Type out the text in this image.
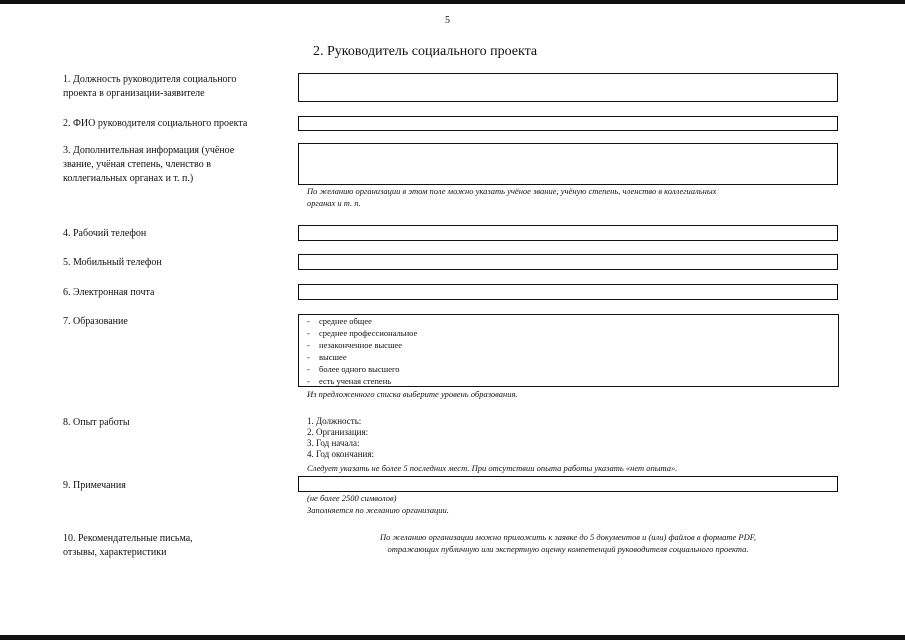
5
2. Руководитель социального проекта
1. Должность руководителя социального
проекта в организации-заявителе
2. ФИО руководителя социального проекта
3. Дополнительная информация (учёное
звание, учёная степень, членство в
коллегиальных органах и т. п.)
По желанию организации в этом поле можно указать учёное звание, учёную степень, членство в коллегиальных
органах и т. п.
4. Рабочий телефон
5. Мобильный телефон
6. Электронная почта
7. Образование	- среднее общее
- среднее профессиональное
- незаконченное высшее
- высшее
- более одного высшего
- есть ученая степень
Из предложенного списка выберите уровень образования.
8. Опыт работы	1. Должность:
2. Организация:
3. Год начала:
4. Год окончания:
Следует указать не более 5 последних мест. При отсутствии опыта работы указать «нет опыта».
9. Примечания
(не более 2500 символов)
Заполняется по желанию организации.
10. Рекомендательные письма,
отзывы, характеристики
По желанию организации можно приложить к заявке до 5 документов и (или) файлов в формате PDF,
отражающих публичную или экспертную оценку компетенций руководителя социального проекта.
